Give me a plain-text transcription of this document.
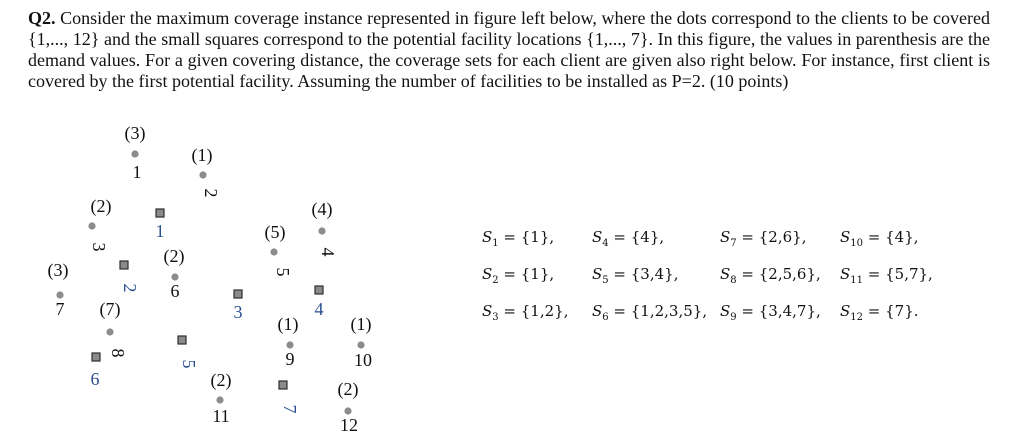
Q2. Consider the maximum coverage instance represented in figure left below, where the dots correspond to the clients to be covered {1,..., 12} and the small squares correspond to the potential facility locations {1,..., 7}. In this figure, the values in parenthesis are the demand values. For a given covering distance, the coverage sets for each client are given also right below. For instance, first client is covered by the first potential facility. Assuming the number of facilities to be installed as P=2. (10 points)

(3)
1
(1)
2
(2)
3
(4)
4
(5)
5
(2)
6
(3)
7 (7)
8
(1)
9
(1)
10
(2)
11
(2)
12
1
2
3	4
5
6
7
$S_1 = \{1\}$,
$S_2 = \{1\}$,
$S_3 = \{1,2\}$,
$S_4 = \{4\}$,
$S_5 = \{3,4\}$,
$S_6 = \{1,2,3,5\}$,
$S_7 = \{2,6\}$,
$S_8 = \{2,5,6\}$,
$S_9 = \{3,4,7\}$,
$S_{10} = \{4\}$,
$S_{11} = \{5,7\}$,
$S_{12} = \{7\}$.
